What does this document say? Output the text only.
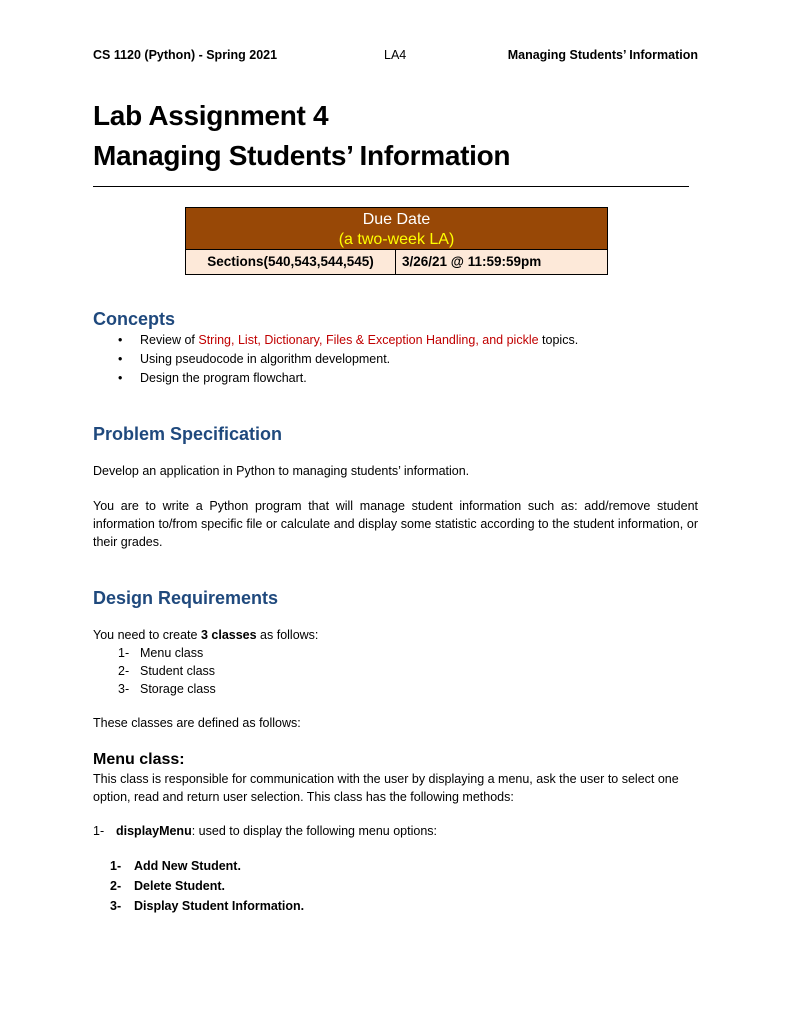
CS 1120 (Python) - Spring 2021	LA4	Managing Students’ Information
Lab Assignment 4
Managing Students’ Information
Due Date
(a two-week LA)
Sections(540,543,544,545)	3/26/21 @ 11:59:59pm
Concepts
• Review of String, List, Dictionary, Files & Exception Handling, and pickle topics.
• Using pseudocode in algorithm development.
• Design the program flowchart.
Problem Specification
Develop an application in Python to managing students’ information.
You are to write a Python program that will manage student information such as: add/remove student information to/from specific file or calculate and display some statistic according to the student information, or their grades.
Design Requirements
You need to create 3 classes as follows:
1- Menu class
2- Student class
3- Storage class
These classes are defined as follows:
Menu class:
This class is responsible for communication with the user by displaying a menu, ask the user to select one option, read and return user selection. This class has the following methods:
1- displayMenu: used to display the following menu options:
1- Add New Student.
2- Delete Student.
3- Display Student Information.
